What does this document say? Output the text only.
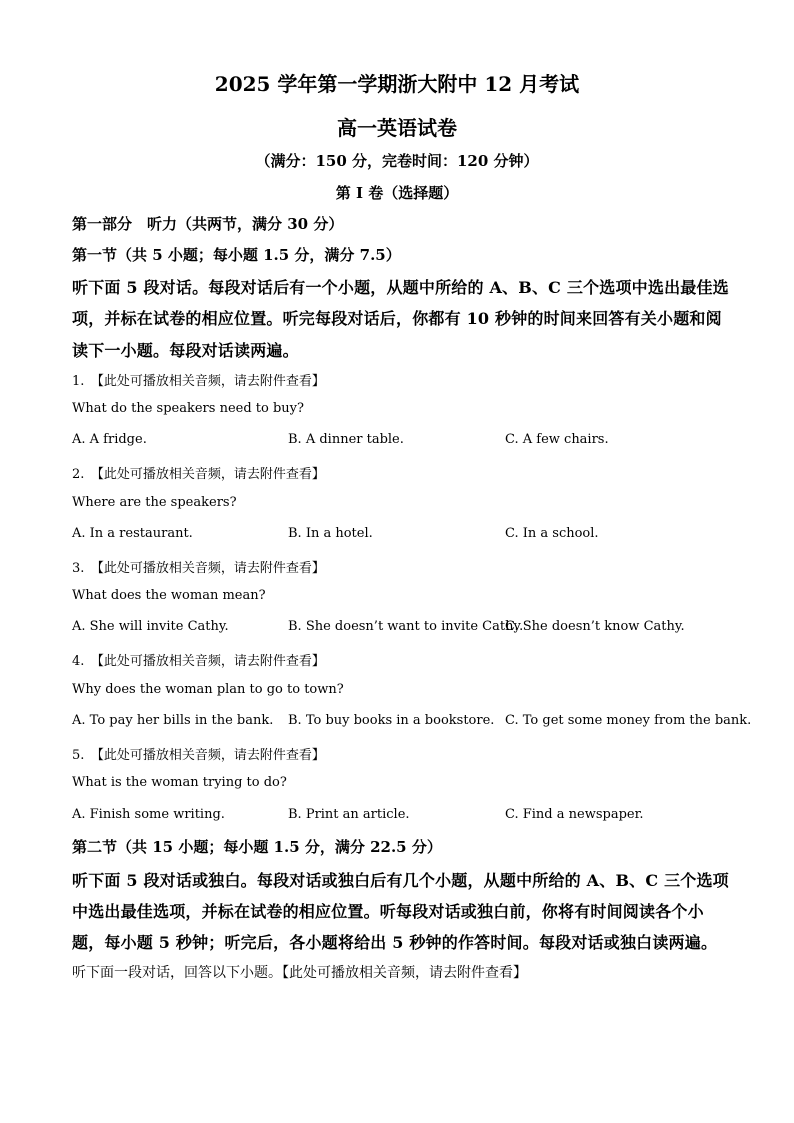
2025 学年第一学期浙大附中 12 月考试
高一英语试卷
（满分：150 分，完卷时间：120 分钟）
第 I 卷（选择题）
第一部分　听力（共两节，满分 30 分）
第一节（共 5 小题；每小题 1.5 分，满分 7.5）
听下面 5 段对话。每段对话后有一个小题，从题中所给的 A、B、C 三个选项中选出最佳选
项，并标在试卷的相应位置。听完每段对话后，你都有 10 秒钟的时间来回答有关小题和阅
读下一小题。每段对话读两遍。
1.　【此处可播放相关音频，请去附件查看】
What do the speakers need to buy?
A. A fridge.	B. A dinner table.	C. A few chairs.
2.　【此处可播放相关音频，请去附件查看】
Where are the speakers?
A. In a restaurant.	B. In a hotel.	C. In a school.
3.　【此处可播放相关音频，请去附件查看】
What does the woman mean?
A. She will invite Cathy.	B. She doesn’t want to invite Cathy.
C. She doesn’t know Cathy.
4.　【此处可播放相关音频，请去附件查看】
Why does the woman plan to go to town?
A. To pay her bills in the bank. B. To buy books in a bookstore. C. To get some money from the bank.
5.　【此处可播放相关音频，请去附件查看】
What is the woman trying to do?
A. Finish some writing.	B. Print an article.	C. Find a newspaper.
第二节（共 15 小题；每小题 1.5 分，满分 22.5 分）
听下面 5 段对话或独白。每段对话或独白后有几个小题，从题中所给的 A、B、C 三个选项
中选出最佳选项，并标在试卷的相应位置。听每段对话或独白前，你将有时间阅读各个小
题，每小题 5 秒钟；听完后，各小题将给出 5 秒钟的作答时间。每段对话或独白读两遍。
听下面一段对话，回答以下小题。【此处可播放相关音频，请去附件查看】
